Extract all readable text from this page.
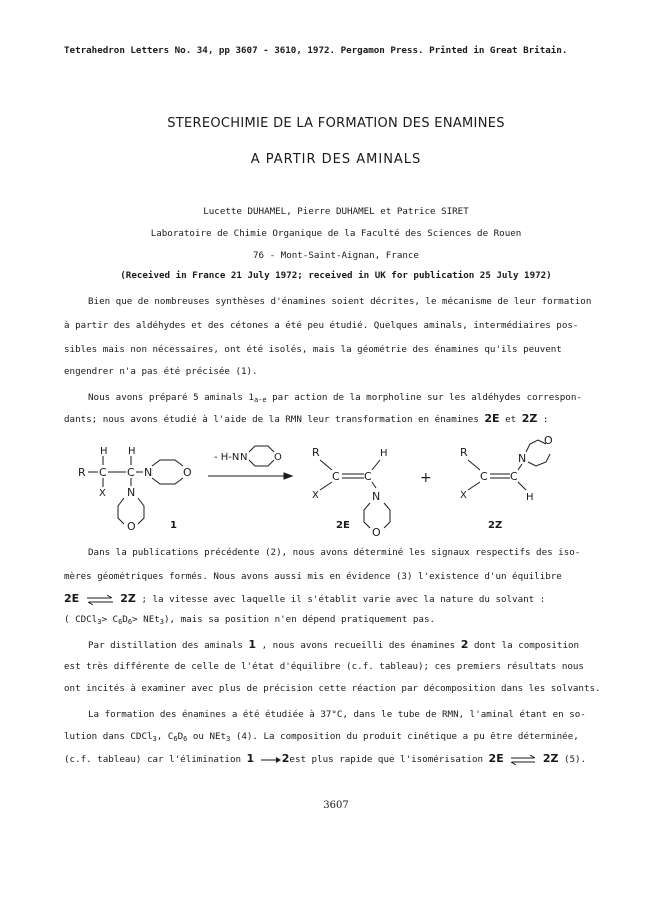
Tetrahedron Letters No. 34, pp 3607 - 3610, 1972. Pergamon Press. Printed in Great Britain.
STEREOCHIMIE DE LA FORMATION DES ENAMINES
A PARTIR DES AMINALS
Lucette DUHAMEL, Pierre DUHAMEL et Patrice SIRET
Laboratoire de Chimie Organique de la Faculté des Sciences de Rouen
76 - Mont-Saint-Aignan, France
(Received in France 21 July 1972; received in UK for publication 25 July 1972)
Bien que de nombreuses synthèses d'énamines soient décrites, le mécanisme de leur formation
à partir des aldéhydes et des cétones a été peu étudié. Quelques aminals, intermédiaires pos-
sibles mais non nécessaires, ont été isolés, mais la géométrie des énamines qu'ils peuvent
engendrer n'a pas été précisée (1).
Nous avons préparé 5 aminals $1_{a-e}$ par action de la morpholine sur les aldéhydes correspon-
dants; nous avons étudié à l'aide de la RMN leur transformation en énamines 2E et 2Z :
R C
H
X
C
H
N	O
N
O	1
- H-N N	O	R
X
C C
H
N
O
2E
+
R
X
C C
N
O
H
2Z
Dans la publications précédente (2), nous avons déterminé les signaux respectifs des iso-
mères géométriques formés. Nous avons aussi mis en évidence (3) l'existence d'un équilibre
2E ⇌ 2Z ; la vitesse avec laquelle il s'établit varie avec la nature du solvant :
( CDCl$_3$> $C_6D_6> NEt_3$), mais sa position n'en dépend pratiquement pas.
Par distillation des aminals 1 , nous avons recueilli des énamines 2 dont la composition
est très différente de celle de l'état d'équilibre (c.f. tableau); ces premiers résultats nous
ont incités à examiner avec plus de précision cette réaction par décomposition dans les solvants.
La formation des énamines a été étudiée à 37°C, dans le tube de RMN, l'aminal étant en so-
lution dans CDCl$_3$, $C_6D_6$ ou NEt$_3$ (4). La composition du produit cinétique a pu être déterminée,
(c.f. tableau) car l'élimination 1 →2est plus rapide que l'isomérisation 2E ⇌ 2Z (5).
3607
